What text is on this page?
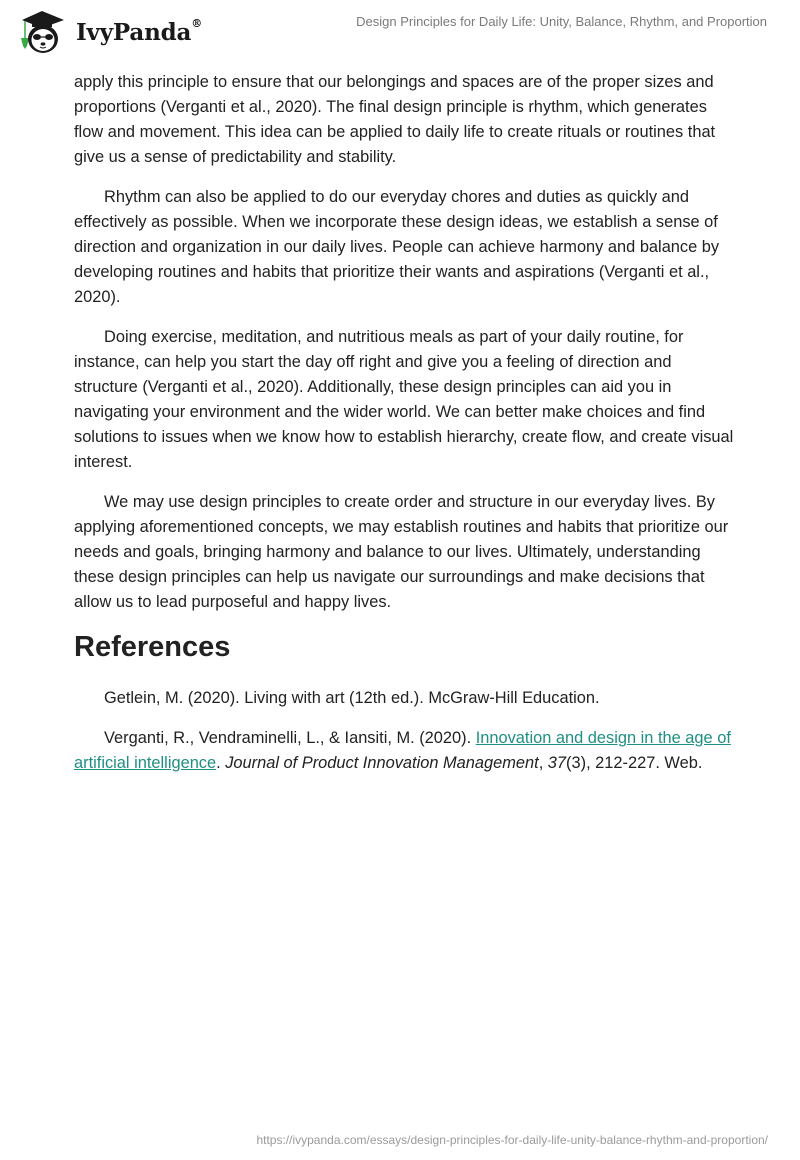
IvyPanda®	Design Principles for Daily Life: Unity, Balance, Rhythm, and Proportion

apply this principle to ensure that our belongings and spaces are of the proper sizes and proportions (Verganti et al., 2020). The final design principle is rhythm, which generates flow and movement. This idea can be applied to daily life to create rituals or routines that give us a sense of predictability and stability.

Rhythm can also be applied to do our everyday chores and duties as quickly and effectively as possible. When we incorporate these design ideas, we establish a sense of direction and organization in our daily lives. People can achieve harmony and balance by developing routines and habits that prioritize their wants and aspirations (Verganti et al., 2020).

Doing exercise, meditation, and nutritious meals as part of your daily routine, for instance, can help you start the day off right and give you a feeling of direction and structure (Verganti et al., 2020). Additionally, these design principles can aid you in navigating your environment and the wider world. We can better make choices and find solutions to issues when we know how to establish hierarchy, create flow, and create visual interest.

We may use design principles to create order and structure in our everyday lives. By applying aforementioned concepts, we may establish routines and habits that prioritize our needs and goals, bringing harmony and balance to our lives. Ultimately, understanding these design principles can help us navigate our surroundings and make decisions that allow us to lead purposeful and happy lives.

References

Getlein, M. (2020). Living with art (12th ed.). McGraw-Hill Education.

Verganti, R., Vendraminelli, L., & Iansiti, M. (2020). Innovation and design in the age of artificial intelligence. Journal of Product Innovation Management, 37(3), 212-227. Web.

https://ivypanda.com/essays/design-principles-for-daily-life-unity-balance-rhythm-and-proportion/
